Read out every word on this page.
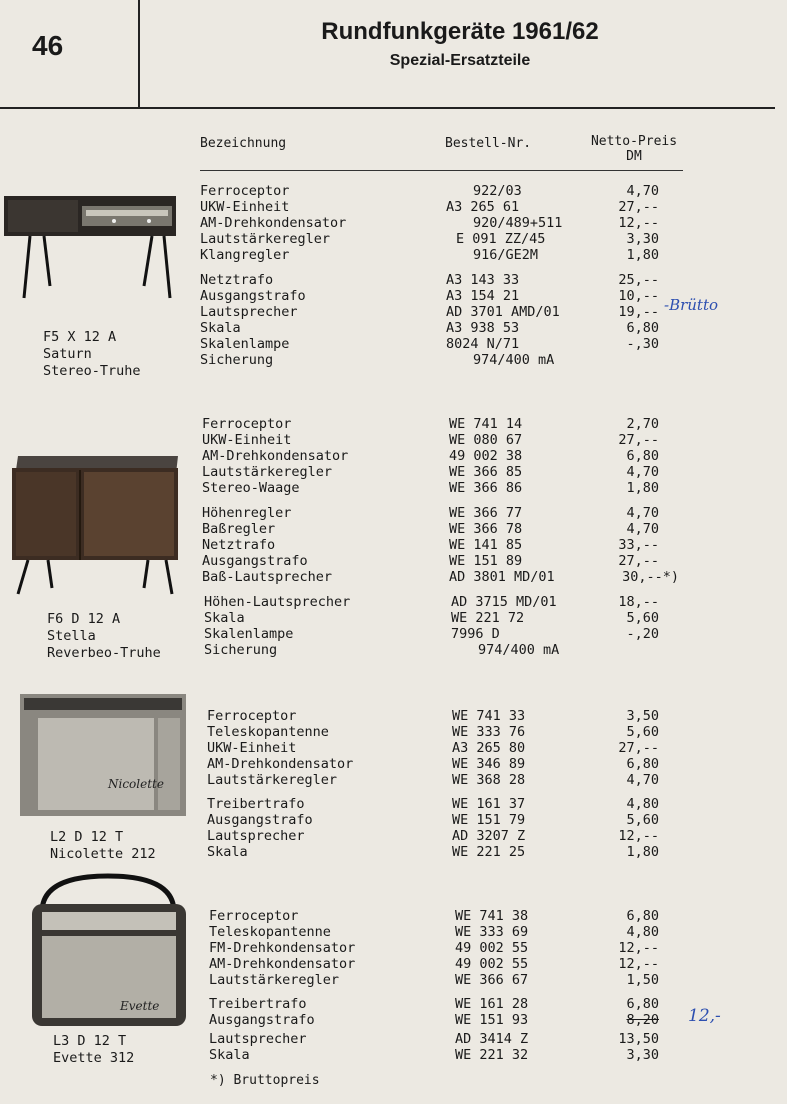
46	Rundfunkgeräte 1961/62
Spezial-Ersatzteile
Bezeichnung	Bestell-Nr.	Netto-Preis
DM
Nicolette
Evette
Ferroceptor	922/03	4,70
UKW-Einheit	A3 265 61	27,--
AM-Drehkondensator	920/489+511	12,--
Lautstärkeregler	E 091 ZZ/45	3,30
Klangregler	916/GE2M	1,80
Netztrafo	A3 143 33	25,--
Ausgangstrafo	A3 154 21	10,--
Lautsprecher	AD 3701 AMD/01	19,--
Skala	A3 938 53	6,80
Skalenlampe	8024 N/71	-,30
Sicherung	974/400 mA
F5 X 12 A
Saturn
Stereo-Truhe
-Brütto
Ferroceptor	WE 741 14	2,70
UKW-Einheit	WE 080 67	27,--
AM-Drehkondensator	49 002 38	6,80
Lautstärkeregler	WE 366 85	4,70
Stereo-Waage	WE 366 86	1,80
Höhenregler	WE 366 77	4,70
Baßregler	WE 366 78	4,70
Netztrafo	WE 141 85	33,--
Ausgangstrafo	WE 151 89	27,--
Baß-Lautsprecher	AD 3801 MD/01	30,--*)
Höhen-Lautsprecher	AD 3715 MD/01	18,--
Skala	WE 221 72	5,60
Skalenlampe	7996 D	-,20
Sicherung	974/400 mA
F6 D 12 A
Stella
Reverbeo-Truhe
Ferroceptor	WE 741 33	3,50
Teleskopantenne	WE 333 76	5,60
UKW-Einheit	A3 265 80	27,--
AM-Drehkondensator	WE 346 89	6,80
Lautstärkeregler	WE 368 28	4,70
Treibertrafo	WE 161 37	4,80
Ausgangstrafo	WE 151 79	5,60
Lautsprecher	AD 3207 Z	12,--
Skala	WE 221 25	1,80
L2 D 12 T
Nicolette 212
Ferroceptor	WE 741 38	6,80
Teleskopantenne	WE 333 69	4,80
FM-Drehkondensator	49 002 55	12,--
AM-Drehkondensator	49 002 55	12,--
Lautstärkeregler	WE 366 67	1,50
Treibertrafo	WE 161 28	6,80
Ausgangstrafo	WE 151 93	8,20
Lautsprecher	AD 3414 Z	13,50
Skala	WE 221 32	3,30
L3 D 12 T
Evette 312
12,-
*) Bruttopreis
